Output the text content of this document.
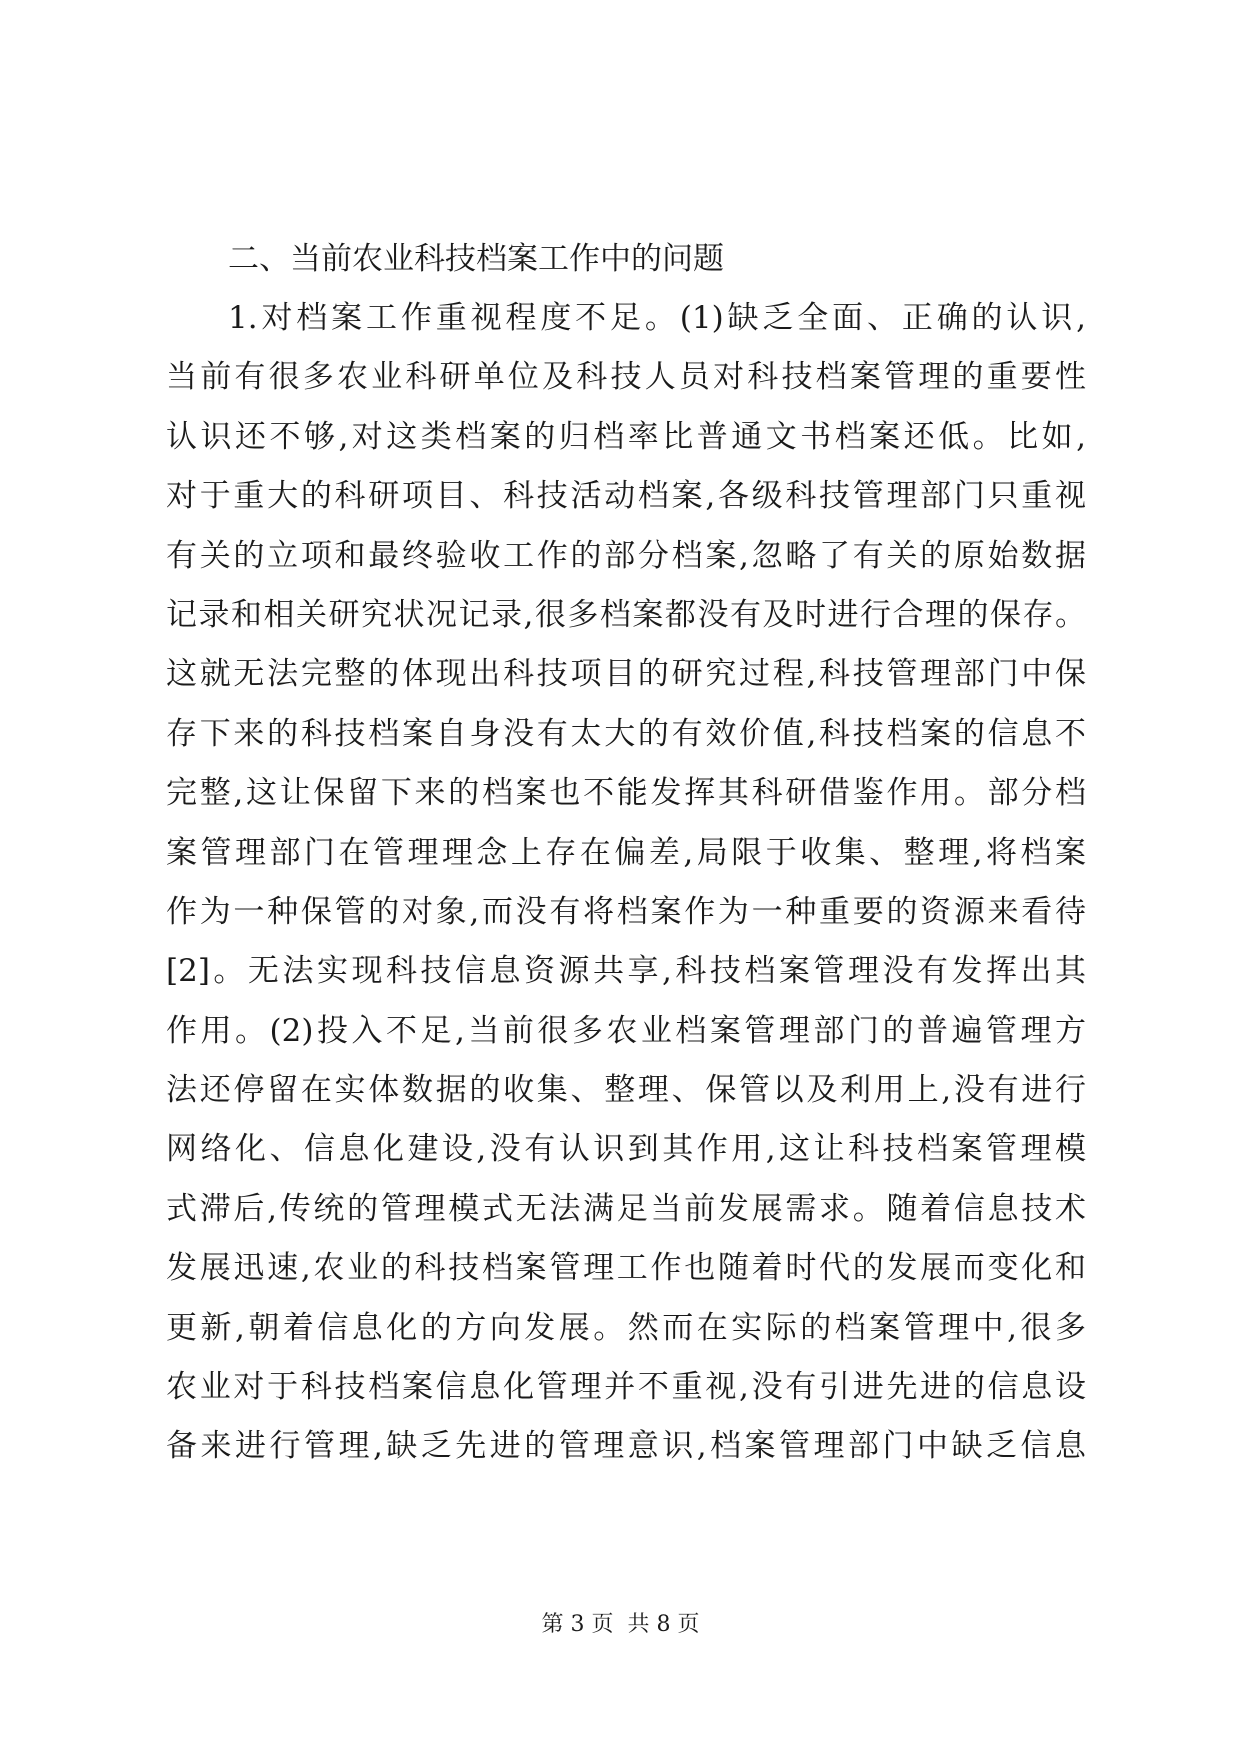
二、当前农业科技档案工作中的问题
1.对档案工作重视程度不足。(1)缺乏全面、正确的认识,
当前有很多农业科研单位及科技人员对科技档案管理的重要性
认识还不够,对这类档案的归档率比普通文书档案还低。比如,
对于重大的科研项目、科技活动档案,各级科技管理部门只重视
有关的立项和最终验收工作的部分档案,忽略了有关的原始数据
记录和相关研究状况记录,很多档案都没有及时进行合理的保存。
这就无法完整的体现出科技项目的研究过程,科技管理部门中保
存下来的科技档案自身没有太大的有效价值,科技档案的信息不
完整,这让保留下来的档案也不能发挥其科研借鉴作用。部分档
案管理部门在管理理念上存在偏差,局限于收集、整理,将档案
作为一种保管的对象,而没有将档案作为一种重要的资源来看待
[2]。无法实现科技信息资源共享,科技档案管理没有发挥出其
作用。(2)投入不足,当前很多农业档案管理部门的普遍管理方
法还停留在实体数据的收集、整理、保管以及利用上,没有进行
网络化、信息化建设,没有认识到其作用,这让科技档案管理模
式滞后,传统的管理模式无法满足当前发展需求。随着信息技术
发展迅速,农业的科技档案管理工作也随着时代的发展而变化和
更新,朝着信息化的方向发展。然而在实际的档案管理中,很多
农业对于科技档案信息化管理并不重视,没有引进先进的信息设
备来进行管理,缺乏先进的管理意识,档案管理部门中缺乏信息
第 3 页  共 8 页
